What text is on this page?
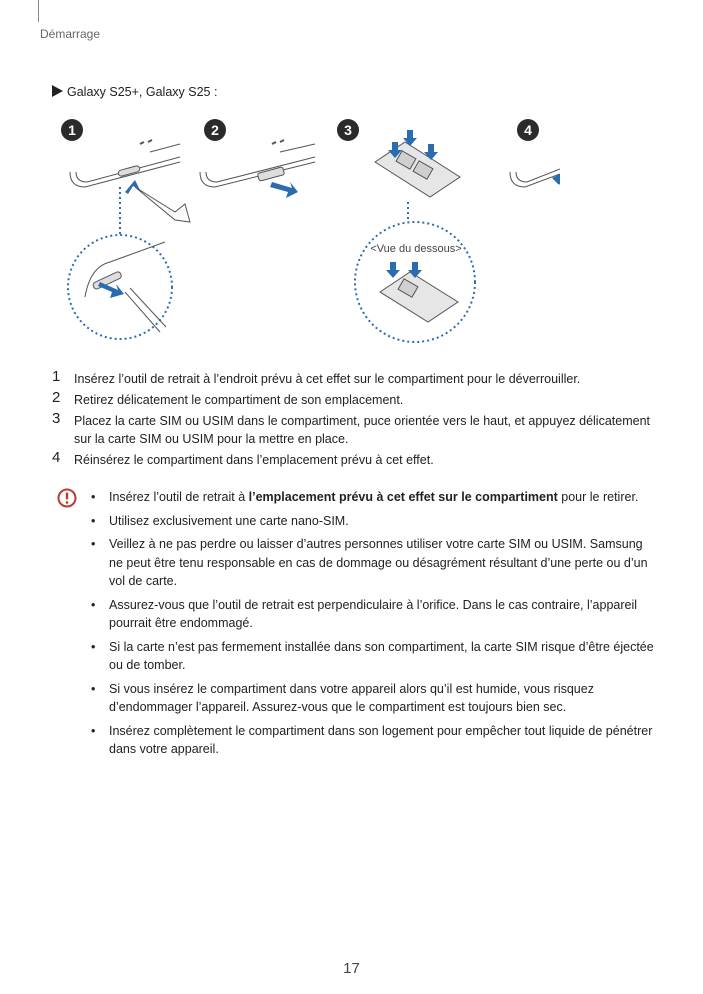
Démarrage
Galaxy S25+, Galaxy S25 :
<Vue du dessous>
1	2	3	4
1 Insérez l’outil de retrait à l’endroit prévu à cet effet sur le compartiment pour le déverrouiller.
2 Retirez délicatement le compartiment de son emplacement.
3 Placez la carte SIM ou USIM dans le compartiment, puce orientée vers le haut, et appuyez délicatement sur la carte SIM ou USIM pour la mettre en place.
4 Réinsérez le compartiment dans l’emplacement prévu à cet effet.
• Insérez l’outil de retrait à l’emplacement prévu à cet effet sur le compartiment pour le retirer.
• Utilisez exclusivement une carte nano-SIM.
• Veillez à ne pas perdre ou laisser d’autres personnes utiliser votre carte SIM ou USIM. Samsung ne peut être tenu responsable en cas de dommage ou désagrément résultant d’une perte ou d’un vol de carte.
• Assurez-vous que l’outil de retrait est perpendiculaire à l’orifice. Dans le cas contraire, l’appareil pourrait être endommagé.
• Si la carte n’est pas fermement installée dans son compartiment, la carte SIM risque d’être éjectée ou de tomber.
• Si vous insérez le compartiment dans votre appareil alors qu’il est humide, vous risquez d’endommager l’appareil. Assurez-vous que le compartiment est toujours bien sec.
• Insérez complètement le compartiment dans son logement pour empêcher tout liquide de pénétrer dans votre appareil.
17
